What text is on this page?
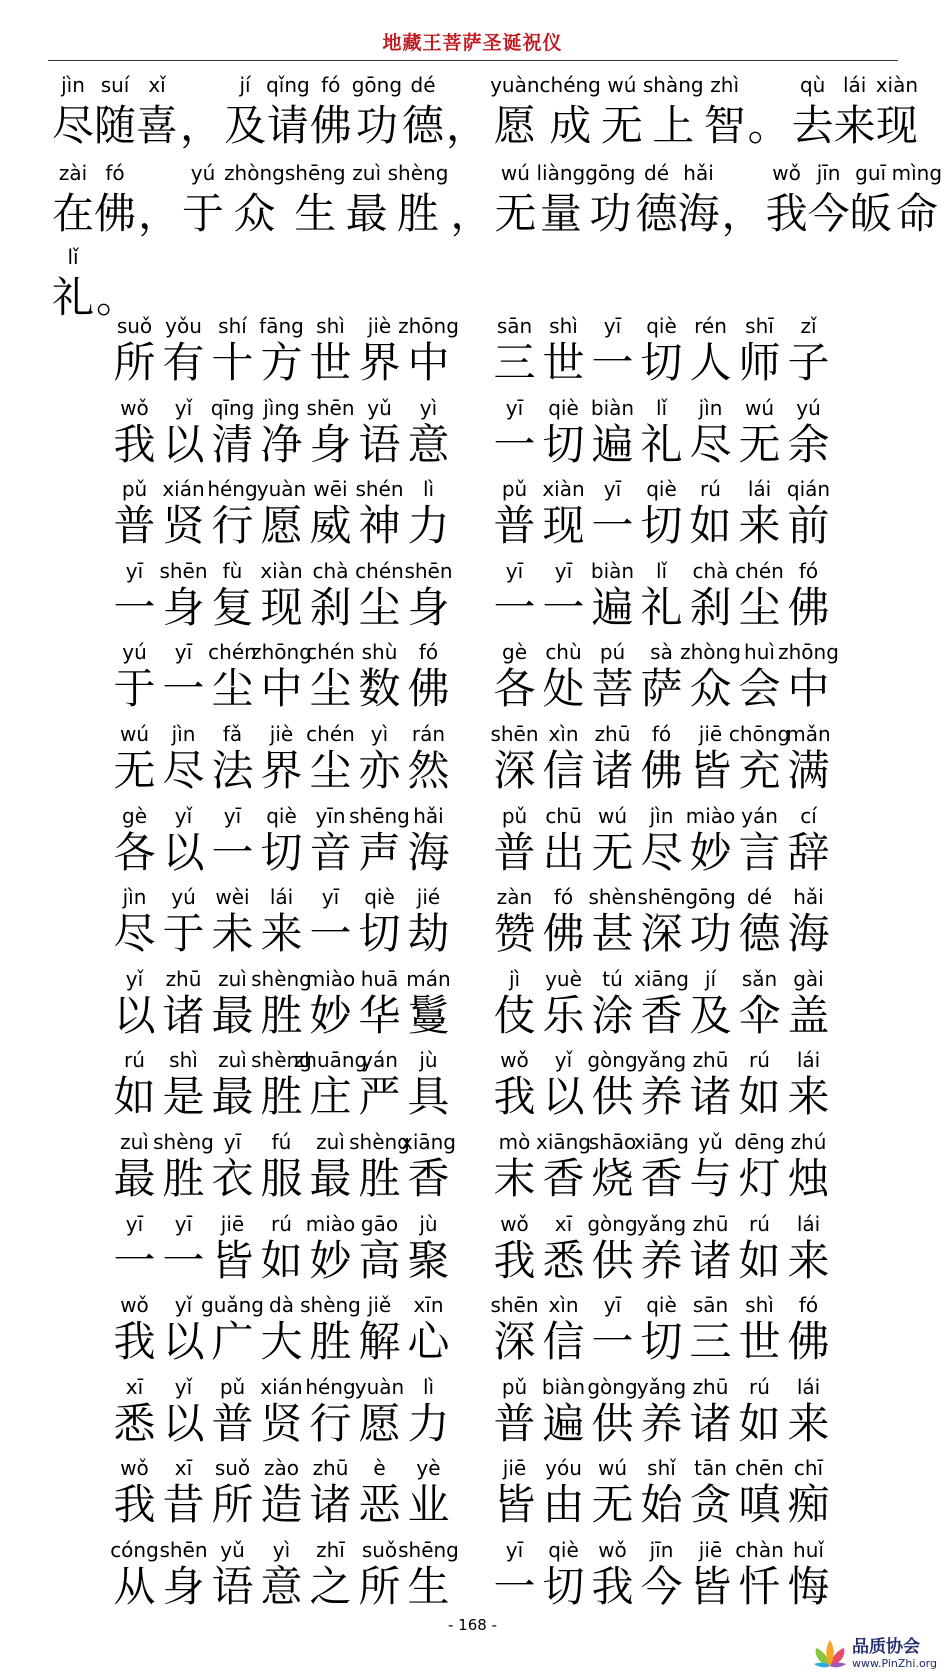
地藏王菩萨圣诞祝仪
jìn
尽
suí
随
xǐ
喜 ，
jí
及
qǐng
请
fó
佛
gōng
功
dé
德 ，
yuàn
愿
chéng
成
wú
无
shàng
上
zhì
智 。
qù
去
lái
来
xiàn
现
zài
在
fó
佛 ，
yú
于
zhòng
众
shēng
生
zuì
最
shèng
胜 ，
wú
无
liàng
量
gōng
功
dé
德
hǎi
海 ，
wǒ
我
jīn
今
guī
皈
mìng
命
lǐ
礼 。
suǒ
所
yǒu
有
shí
十
fāng
方
shì
世
jiè
界
zhōng
中
sān
三
shì
世
yī
一
qiè
切
rén
人
shī
师
zǐ
子
wǒ
我
yǐ
以
qīng
清
jìng
净
shēn
身
yǔ
语
yì
意
yī
一
qiè
切
biàn
遍
lǐ
礼
jìn
尽
wú
无
yú
余
pǔ
普
xián
贤
héng
行
yuàn
愿
wēi
威
shén
神
lì
力
pǔ
普
xiàn
现
yī
一
qiè
切
rú
如
lái
来
qián
前
yī
一
shēn
身
fù
复
xiàn
现
chà
刹
chén
尘
shēn
身
yī
一
yī
一
biàn
遍
lǐ
礼
chà
刹
chén
尘
fó
佛
yú
于
yī
一
chén
尘
zhōng
中
chén
尘
shù
数
fó
佛
gè
各
chù
处
pú
菩
sà
萨
zhòng
众
huì
会
zhōng
中
wú
无
jìn
尽
fǎ
法
jiè
界
chén
尘
yì
亦
rán
然
shēn
深
xìn
信
zhū
诸
fó
佛
jiē
皆
chōng
充
mǎn
满
gè
各
yǐ
以
yī
一
qiè
切
yīn
音
shēng
声
hǎi
海
pǔ
普
chū
出
wú
无
jìn
尽
miào
妙
yán
言
cí
辞
jìn
尽
yú
于
wèi
未
lái
来
yī
一
qiè
切
jié
劫
zàn
赞
fó
佛
shèn
甚
shēn
深
gōng
功
dé
德
hǎi
海
yǐ
以
zhū
诸
zuì
最
shèng
胜
miào
妙
huā
华
mán
鬘
jì
伎
yuè
乐
tú
涂
xiāng
香
jí
及
sǎn
伞
gài
盖
rú
如
shì
是
zuì
最
shèng
胜
zhuāng
庄
yán
严
jù
具
wǒ
我
yǐ
以
gòng
供
yǎng
养
zhū
诸
rú
如
lái
来
zuì
最
shèng
胜
yī
衣
fú
服
zuì
最
shèng
胜
xiāng
香
mò
末
xiāng
香
shāo
烧
xiāng
香
yǔ
与
dēng
灯
zhú
烛
yī
一
yī
一
jiē
皆
rú
如
miào
妙
gāo
高
jù
聚
wǒ
我
xī
悉
gòng
供
yǎng
养
zhū
诸
rú
如
lái
来
wǒ
我
yǐ
以
guǎng
广
dà
大
shèng
胜
jiě
解
xīn
心
shēn
深
xìn
信
yī
一
qiè
切
sān
三
shì
世
fó
佛
xī
悉
yǐ
以
pǔ
普
xián
贤
héng
行
yuàn
愿
lì
力
pǔ
普
biàn
遍
gòng
供
yǎng
养
zhū
诸
rú
如
lái
来
wǒ
我
xī
昔
suǒ
所
zào
造
zhū
诸
è
恶
yè
业
jiē
皆
yóu
由
wú
无
shǐ
始
tān
贪
chēn
嗔
chī
痴
cóng
从
shēn
身
yǔ
语
yì
意
zhī
之
suǒ
所
shēng
生
yī
一
qiè
切
wǒ
我
jīn
今
jiē
皆
chàn
忏
huǐ
悔
- 168 -
品质协会
www.PinZhi.org
